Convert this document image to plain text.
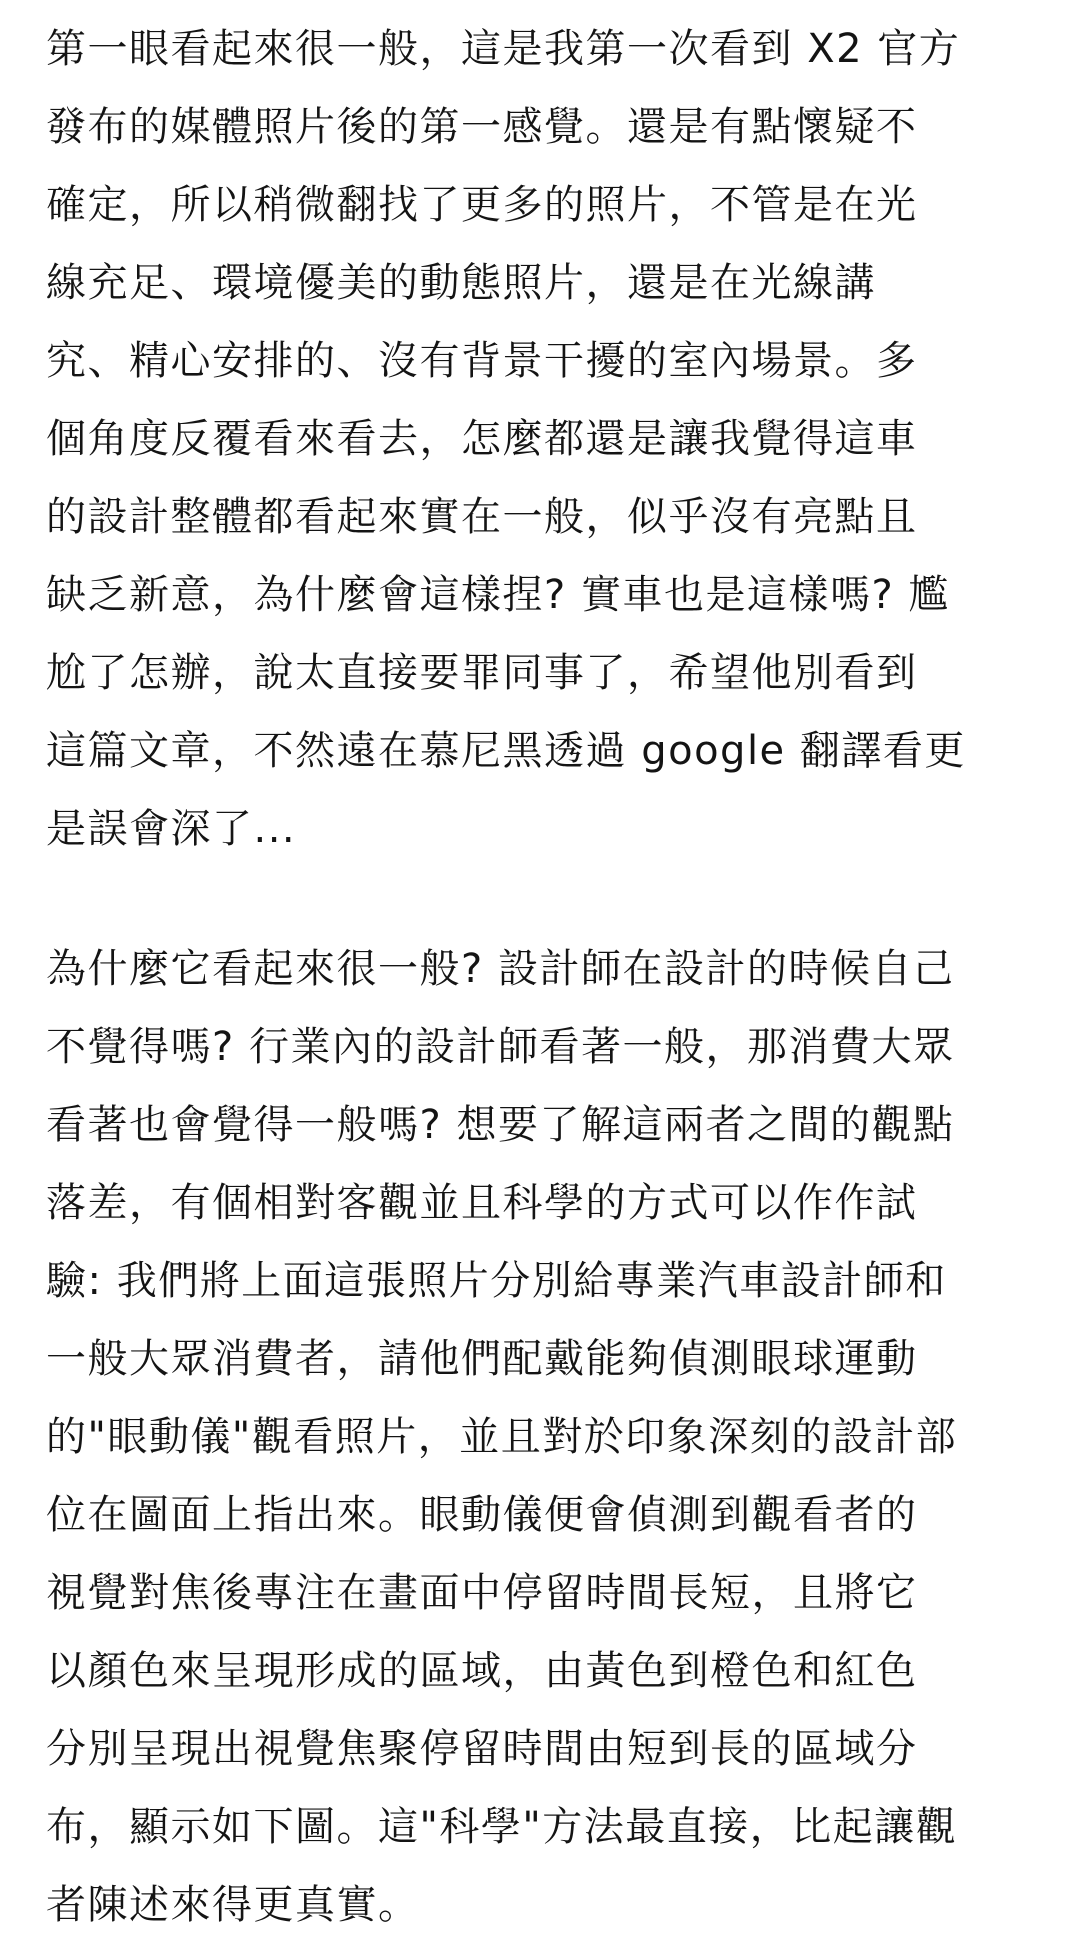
第一眼看起來很一般，這是我第一次看到 X2 官方
發布的媒體照片後的第一感覺。還是有點懷疑不
確定，所以稍微翻找了更多的照片，不管是在光
線充足、環境優美的動態照片，還是在光線講
究、精心安排的、沒有背景干擾的室內場景。多
個角度反覆看來看去，怎麼都還是讓我覺得這車
的設計整體都看起來實在一般，似乎沒有亮點且
缺乏新意，為什麼會這樣捏? 實車也是這樣嗎? 尷
尬了怎辦，說太直接要罪同事了，希望他別看到
這篇文章，不然遠在慕尼黑透過 google 翻譯看更
是誤會深了...
為什麼它看起來很一般? 設計師在設計的時候自己
不覺得嗎? 行業內的設計師看著一般，那消費大眾
看著也會覺得一般嗎? 想要了解這兩者之間的觀點
落差，有個相對客觀並且科學的方式可以作作試
驗: 我們將上面這張照片分別給專業汽車設計師和
一般大眾消費者，請他們配戴能夠偵測眼球運動
的"眼動儀"觀看照片，並且對於印象深刻的設計部
位在圖面上指出來。眼動儀便會偵測到觀看者的
視覺對焦後專注在畫面中停留時間長短，且將它
以顏色來呈現形成的區域，由黃色到橙色和紅色
分別呈現出視覺焦聚停留時間由短到長的區域分
布，顯示如下圖。這"科學"方法最直接，比起讓觀
者陳述來得更真實。
